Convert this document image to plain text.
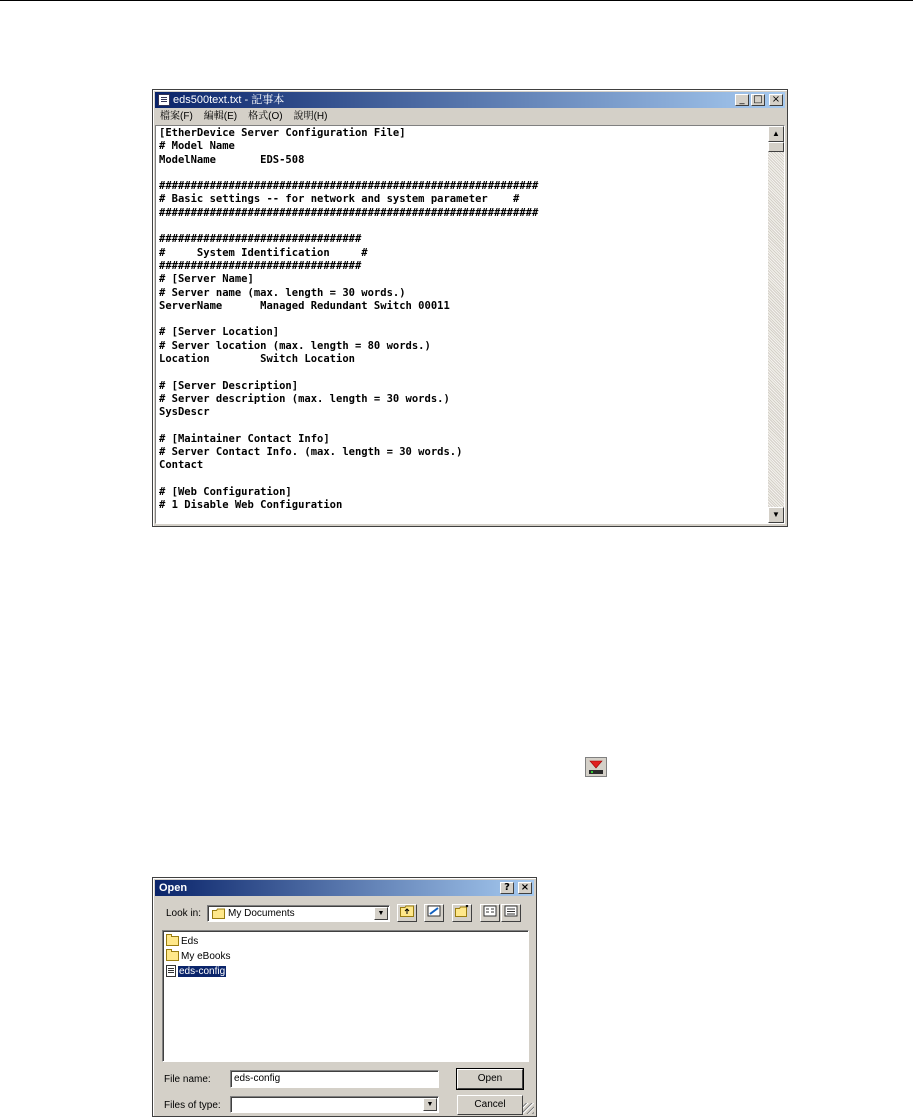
eds500text.txt - 記事本	_ □ ×
檔案(F)	編輯(E)	格式(O)	說明(H)
[EtherDevice Server Configuration File]
# Model Name
ModelName       EDS-508

############################################################
# Basic settings -- for network and system parameter    #
############################################################

################################
#     System Identification     #
################################
# [Server Name]
# Server name (max. length = 30 words.)
ServerName      Managed Redundant Switch 00011

# [Server Location]
# Server location (max. length = 80 words.)
Location        Switch Location

# [Server Description]
# Server description (max. length = 30 words.)
SysDescr

# [Maintainer Contact Info]
# Server Contact Info. (max. length = 30 words.)
Contact

# [Web Configuration]
# 1 Disable Web Configuration
▲
▼
Open	?	×
Look in:	My Documents	▼
Eds
My eBooks
eds-config
File name:	eds-config	Open
Files of type:	▼	Cancel
